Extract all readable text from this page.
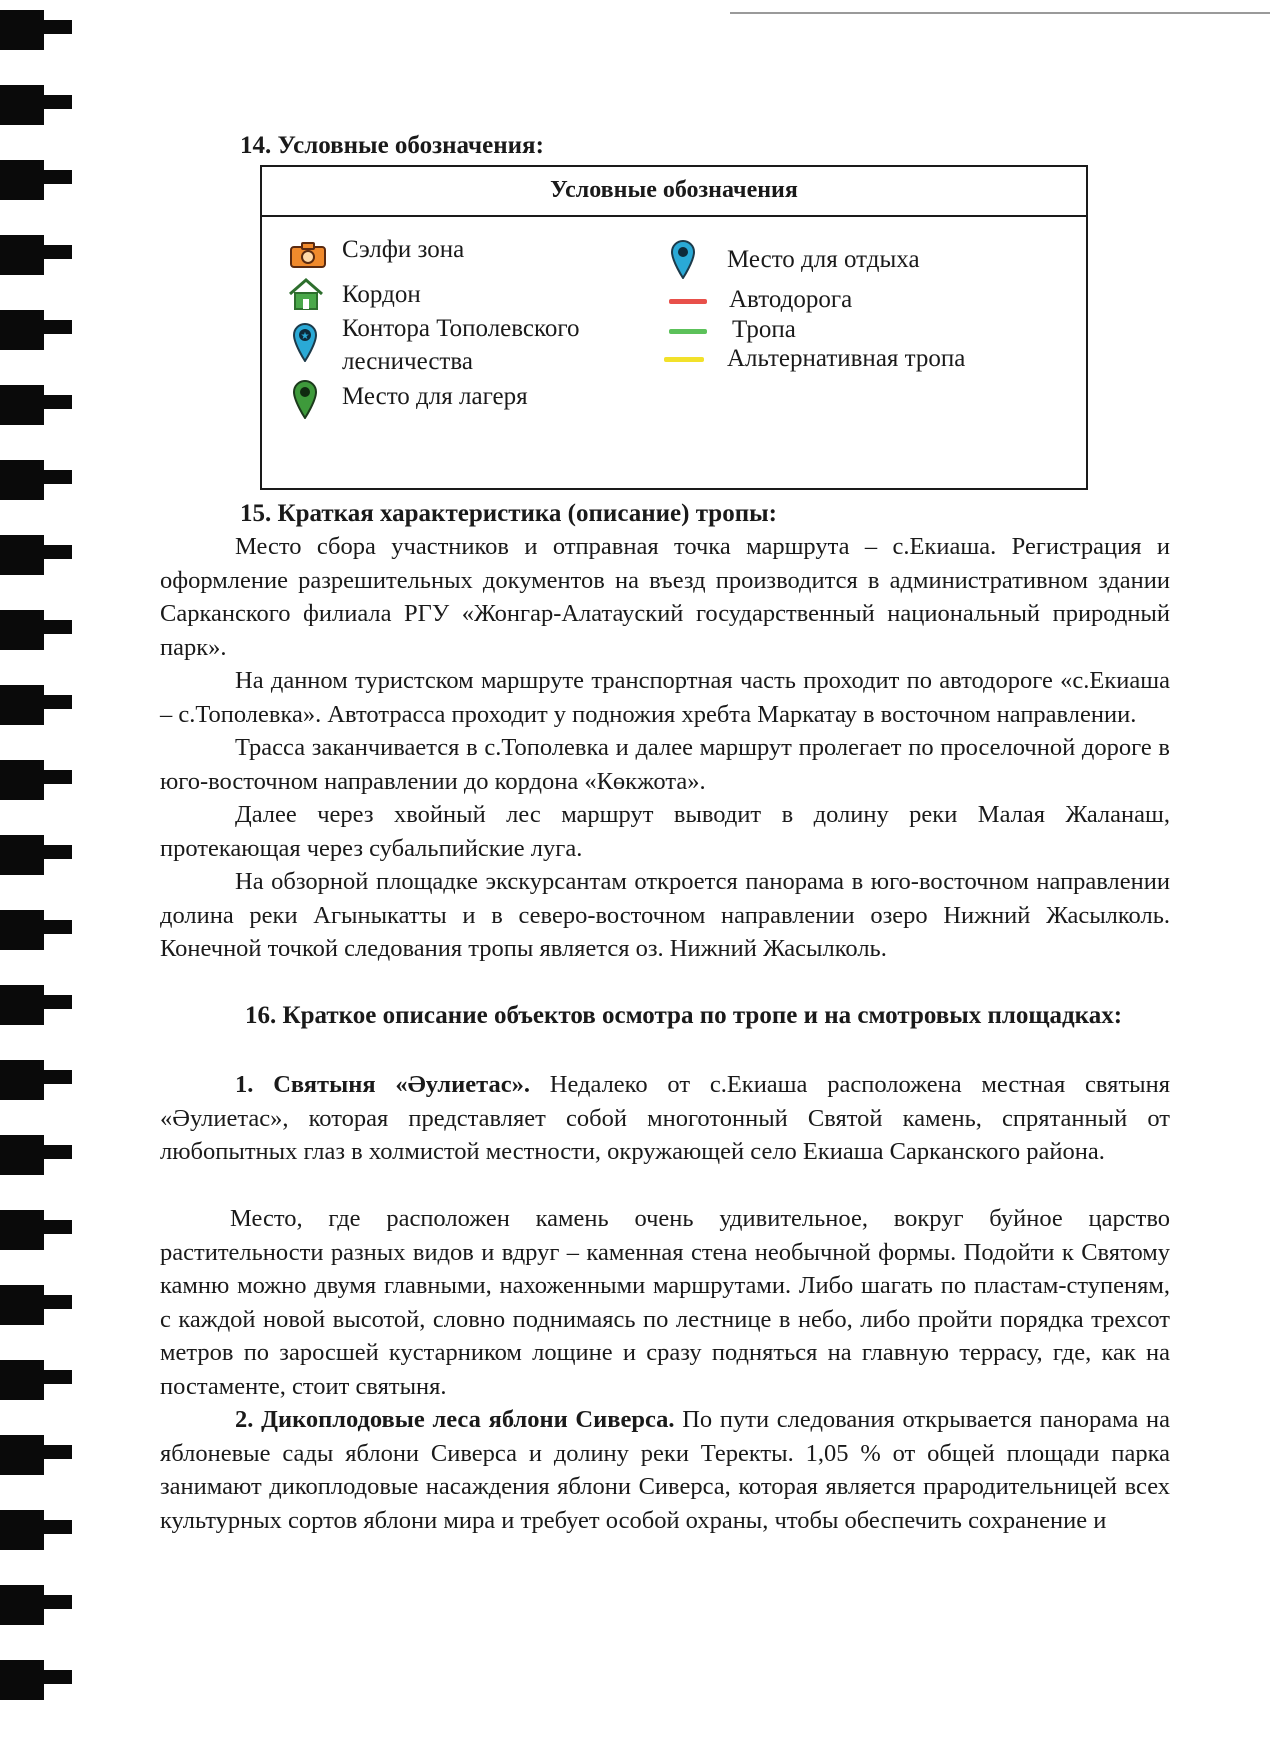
14. Условные обозначения:
Условные обозначения
Сэлфи зона
Кордон
★ Контора Тополевского лесничества
Место для лагеря
Место для отдыха
Автодорога
Тропа
Альтернативная тропа
15. Краткая характеристика (описание) тропы:
Место сбора участников и отправная точка маршрута – с.Екиаша. Регистрация и оформление разрешительных документов на въезд производится в административном здании Сарканского филиала РГУ «Жонгар-Алатауский государственный национальный природный парк».
На данном туристском маршруте транспортная часть проходит по автодороге «с.Екиаша – с.Тополевка». Автотрасса проходит у подножия хребта Маркатау в восточном направлении.
Трасса заканчивается в с.Тополевка и далее маршрут пролегает по проселочной дороге в юго-восточном направлении до кордона «Көкжота».
Далее через хвойный лес маршрут выводит в долину реки Малая Жаланаш, протекающая через субальпийские луга.
На обзорной площадке экскурсантам откроется панорама в юго-восточном направлении долина реки Агыныкатты и в северо-восточном направлении озеро Нижний Жасылколь. Конечной точкой следования тропы является оз. Нижний Жасылколь.
16. Краткое описание объектов осмотра по тропе и на смотровых площадках:
1. Святыня «Әулиетас». Недалеко от с.Екиаша расположена местная святыня «Әулиетас», которая представляет собой многотонный Святой камень, спрятанный от любопытных глаз в холмистой местности, окружающей село Екиаша Сарканского района.
Место, где расположен камень очень удивительное, вокруг буйное царство растительности разных видов и вдруг – каменная стена необычной формы. Подойти к Святому камню можно двумя главными, нахоженными маршрутами. Либо шагать по пластам-ступеням, с каждой новой высотой, словно поднимаясь по лестнице в небо, либо пройти порядка трехсот метров по заросшей кустарником лощине и сразу подняться на главную террасу, где, как на постаменте, стоит святыня.
2. Дикоплодовые леса яблони Сиверса. По пути следования открывается панорама на яблоневые сады яблони Сиверса и долину реки Теректы. 1,05 % от общей площади парка занимают дикоплодовые насаждения яблони Сиверса, которая является прародительницей всех культурных сортов яблони мира и требует особой охраны, чтобы обеспечить сохранение и
